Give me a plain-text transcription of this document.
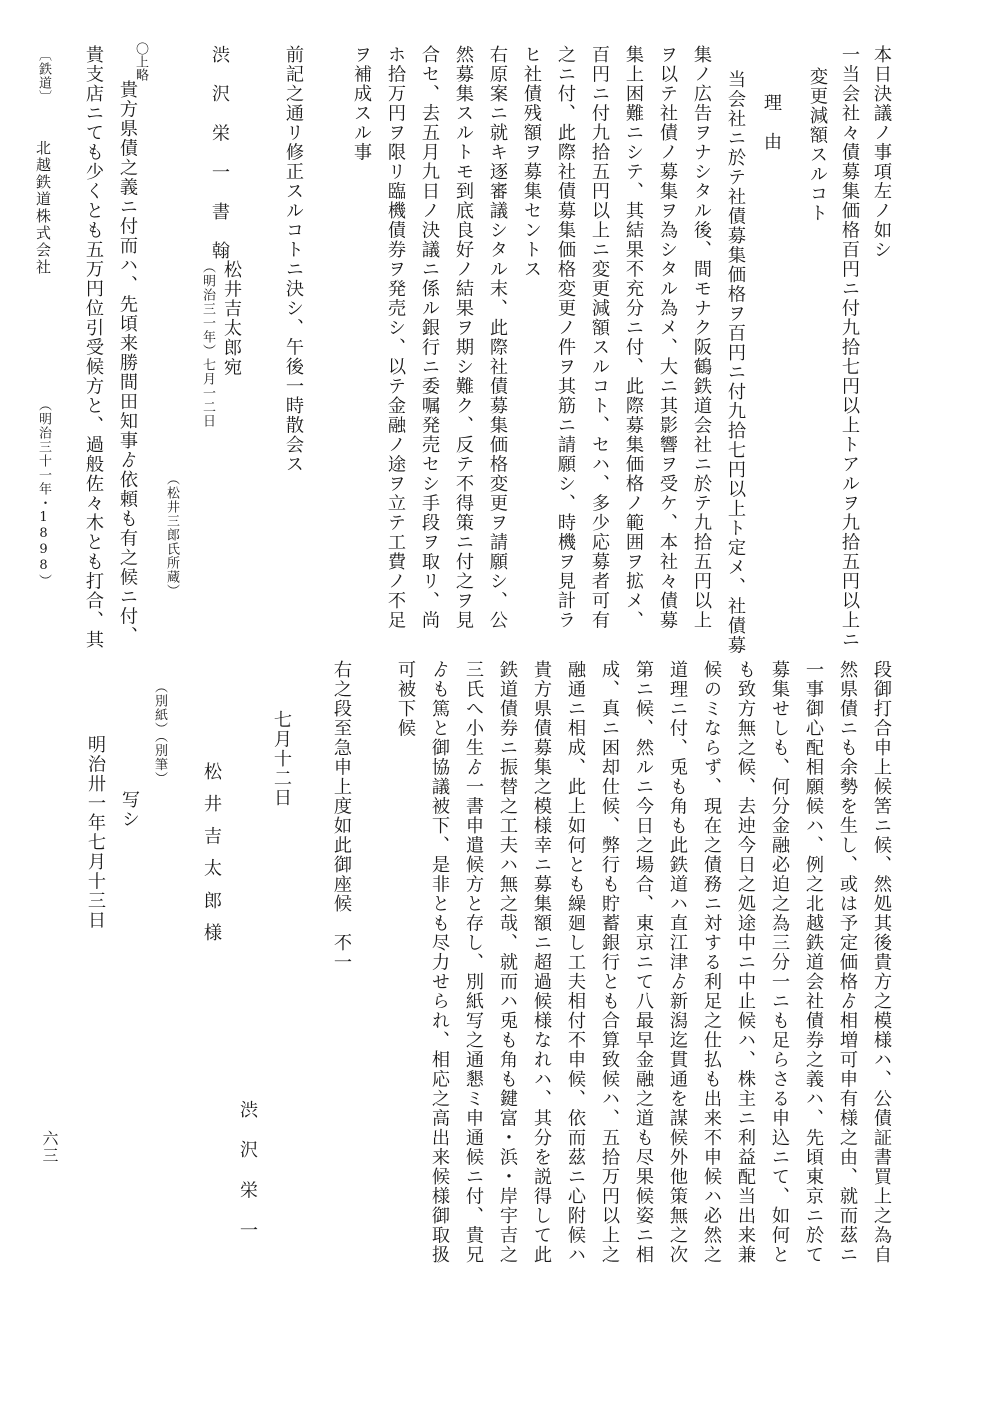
本日決議ノ事項左ノ如シ
一当会社々債募集価格百円ニ付九拾七円以上トアルヲ九拾五円以上ニ
変更減額スルコト
理　由
当会社ニ於テ社債募集価格ヲ百円ニ付九拾七円以上ト定メ、社債募
集ノ広告ヲナシタル後、間モナク阪鶴鉄道会社ニ於テ九拾五円以上
ヲ以テ社債ノ募集ヲ為シタル為メ、大ニ其影響ヲ受ケ、本社々債募
集上困難ニシテ、其結果不充分ニ付、此際募集価格ノ範囲ヲ拡メ、
百円ニ付九拾五円以上ニ変更減額スルコト、セハ、多少応募者可有
之ニ付、此際社債募集価格変更ノ件ヲ其筋ニ請願シ、時機ヲ見計ラ
ヒ社債残額ヲ募集セントス
右原案ニ就キ逐審議シタル末、此際社債募集価格変更ヲ請願シ、公
然募集スルトモ到底良好ノ結果ヲ期シ難ク、反テ不得策ニ付之ヲ見
合セ、去五月九日ノ決議ニ係ル銀行ニ委嘱発売セシ手段ヲ取リ、尚
ホ拾万円ヲ限リ臨機債券ヲ発売シ、以テ金融ノ途ヲ立テ工費ノ不足
ヲ補成スル事
前記之通リ修正スルコトニ決シ、午後一時散会ス
渋沢栄一書翰
松井吉太郎宛
（明治三一年）七月一二日
（松井三郎氏所蔵）
〇上略
貴方県債之義ニ付而ハ、先頃来勝間田知事ゟ依頼も有之候ニ付、
貴支店ニても少くとも五万円位引受候方と、過般佐々木とも打合、其
〔鉄道〕
北越鉄道株式会社
（明治三十一年・1898）
段御打合申上候筈ニ候、然処其後貴方之模様ハ、公債証書買上之為自
然県債ニも余勢を生し、或は予定価格ゟ相増可申有様之由、就而茲ニ
一事御心配相願候ハ、例之北越鉄道会社債券之義ハ、先頃東京ニ於て
募集せしも、何分金融必迫之為三分一ニも足らさる申込ニて、如何と
も致方無之候、去迚今日之処途中ニ中止候ハ、株主ニ利益配当出来兼
候のミならず、現在之債務ニ対する利足之仕払も出来不申候ハ必然之
道理ニ付、兎も角も此鉄道ハ直江津ゟ新潟迄貫通を謀候外他策無之次
第ニ候、然ルニ今日之場合、東京ニて八最早金融之道も尽果候姿ニ相
成、真ニ困却仕候、弊行も貯蓄銀行とも合算致候ハ、五拾万円以上之
融通ニ相成、此上如何とも繰廻し工夫相付不申候、依而茲ニ心附候ハ
貴方県債募集之模様幸ニ募集額ニ超過候様なれハ、其分を説得して此
鉄道債券ニ振替之工夫ハ無之哉、就而ハ兎も角も鍵富・浜・岸宇吉之
三氏へ小生ゟ一書申遣候方と存し、別紙写之通懇ミ申通候ニ付、貴兄
ゟも篤と御協議被下、是非とも尽力せられ、相応之高出来候様御取扱
可被下候
右之段至急申上度如此御座候　不一
七月十二日
渋沢栄一
松井吉太郎様
（別紙）（別筆）
写シ
明治卅一年七月十三日
六三
